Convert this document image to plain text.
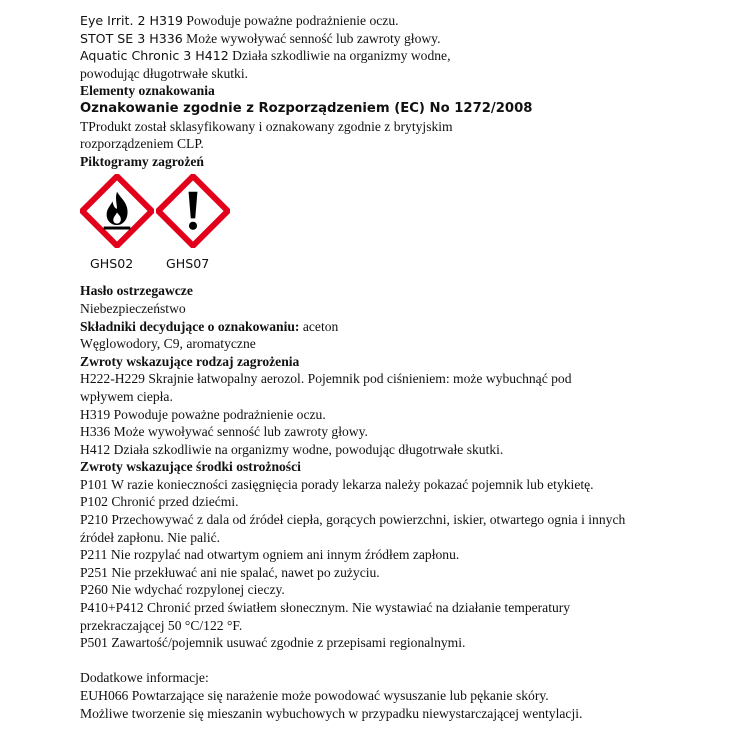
Eye Irrit. 2 H319 Powoduje poważne podrażnienie oczu.
STOT SE 3 H336 Może wywoływać senność lub zawroty głowy.
Aquatic Chronic 3 H412 Działa szkodliwie na organizmy wodne,
powodując długotrwałe skutki.
Elementy oznakowania
Oznakowanie zgodnie z Rozporządzeniem (EC) No 1272/2008
TProdukt został sklasyfikowany i oznakowany zgodnie z brytyjskim
rozporządzeniem CLP.
Piktogramy zagrożeń
GHS02	GHS07
Hasło ostrzegawcze
Niebezpieczeństwo
Składniki decydujące o oznakowaniu: aceton
Węglowodory, C9, aromatyczne
Zwroty wskazujące rodzaj zagrożenia
H222-H229 Skrajnie łatwopalny aerozol. Pojemnik pod ciśnieniem: może wybuchnąć pod
wpływem ciepła.
H319 Powoduje poważne podrażnienie oczu.
H336 Może wywoływać senność lub zawroty głowy.
H412 Działa szkodliwie na organizmy wodne, powodując długotrwałe skutki.
Zwroty wskazujące środki ostrożności
P101 W razie konieczności zasięgnięcia porady lekarza należy pokazać pojemnik lub etykietę.
P102 Chronić przed dziećmi.
P210 Przechowywać z dala od źródeł ciepła, gorących powierzchni, iskier, otwartego ognia i innych
źródeł zapłonu. Nie palić.
P211 Nie rozpylać nad otwartym ogniem ani innym źródłem zapłonu.
P251 Nie przekłuwać ani nie spalać, nawet po zużyciu.
P260 Nie wdychać rozpylonej cieczy.
P410+P412 Chronić przed światłem słonecznym. Nie wystawiać na działanie temperatury
przekraczającej 50 °C/122 °F.
P501 Zawartość/pojemnik usuwać zgodnie z przepisami regionalnymi.
Dodatkowe informacje:
EUH066 Powtarzające się narażenie może powodować wysuszanie lub pękanie skóry.
Możliwe tworzenie się mieszanin wybuchowych w przypadku niewystarczającej wentylacji.
